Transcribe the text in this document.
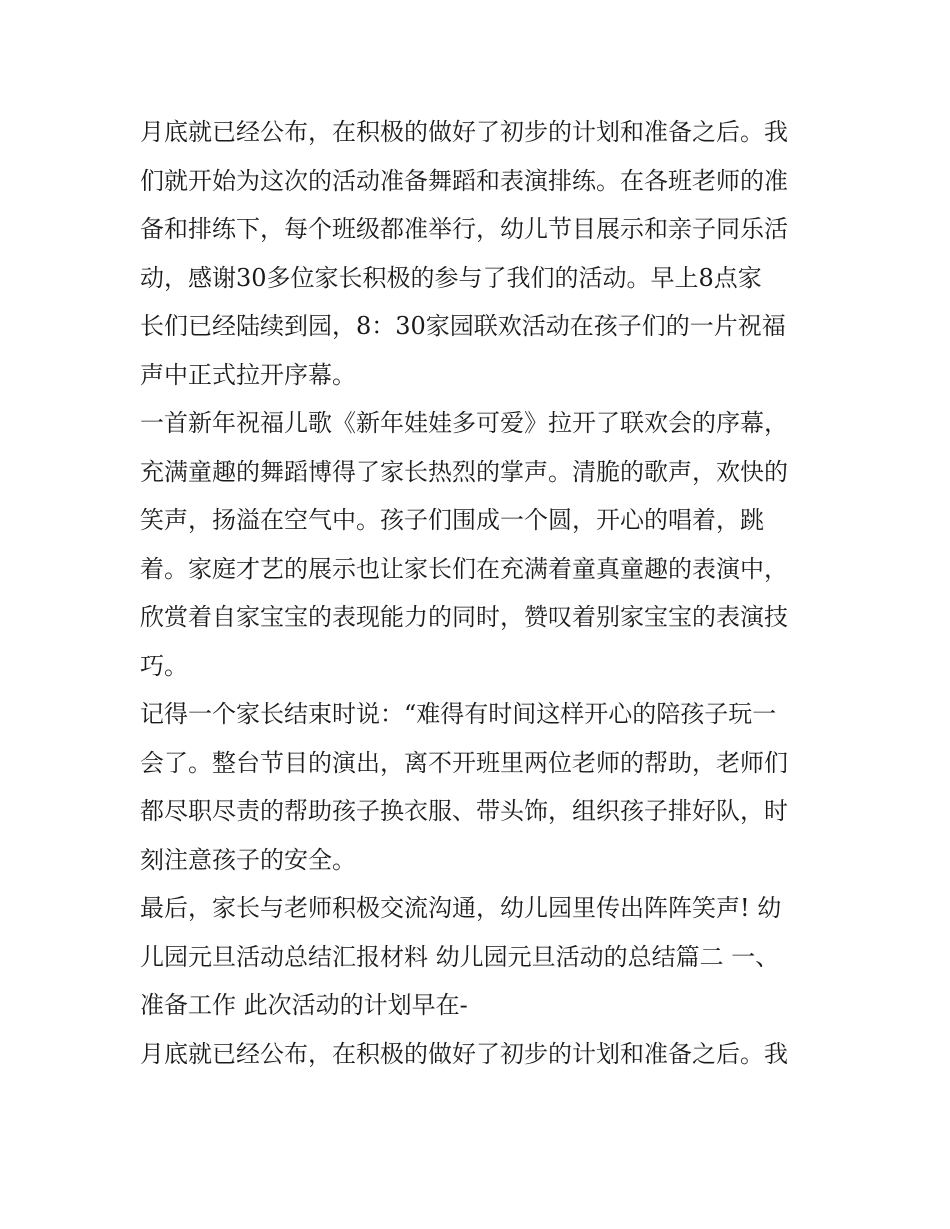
月底就已经公布，在积极的做好了初步的计划和准备之后。我
们就开始为这次的活动准备舞蹈和表演排练。在各班老师的准
备和排练下，每个班级都准举行，幼儿节目展示和亲子同乐活
动，感谢30多位家长积极的参与了我们的活动。早上8点家
长们已经陆续到园，8：30家园联欢活动在孩子们的一片祝福
声中正式拉开序幕。
一首新年祝福儿歌《新年娃娃多可爱》拉开了联欢会的序幕，
充满童趣的舞蹈博得了家长热烈的掌声。清脆的歌声，欢快的
笑声，扬溢在空气中。孩子们围成一个圆，开心的唱着，跳
着。家庭才艺的展示也让家长们在充满着童真童趣的表演中，
欣赏着自家宝宝的表现能力的同时，赞叹着别家宝宝的表演技
巧。
记得一个家长结束时说：“难得有时间这样开心的陪孩子玩一
会了。整台节目的演出，离不开班里两位老师的帮助，老师们
都尽职尽责的帮助孩子换衣服、带头饰，组织孩子排好队，时
刻注意孩子的安全。
最后，家长与老师积极交流沟通，幼儿园里传出阵阵笑声! 幼
儿园元旦活动总结汇报材料 幼儿园元旦活动的总结篇二 一、
准备工作 此次活动的计划早在-
月底就已经公布，在积极的做好了初步的计划和准备之后。我
